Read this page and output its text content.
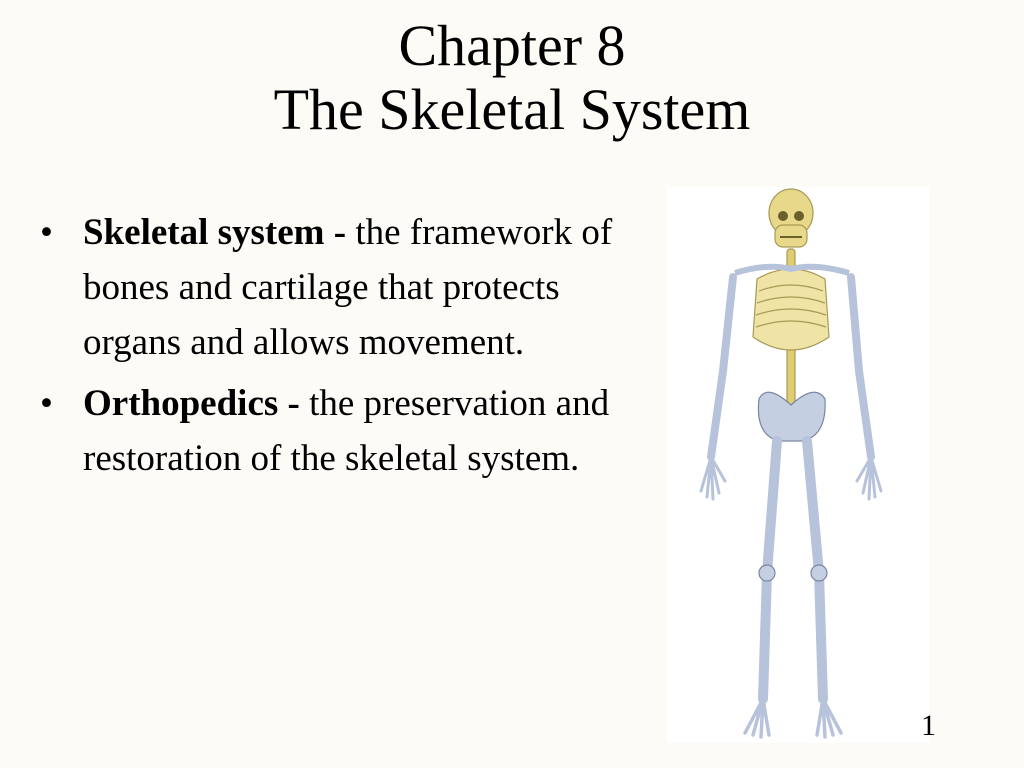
Chapter 8
The Skeletal System
• Skeletal system - the framework of bones and cartilage that protects organs and allows movement.
• Orthopedics - the preservation and restoration of the skeletal system.
1
